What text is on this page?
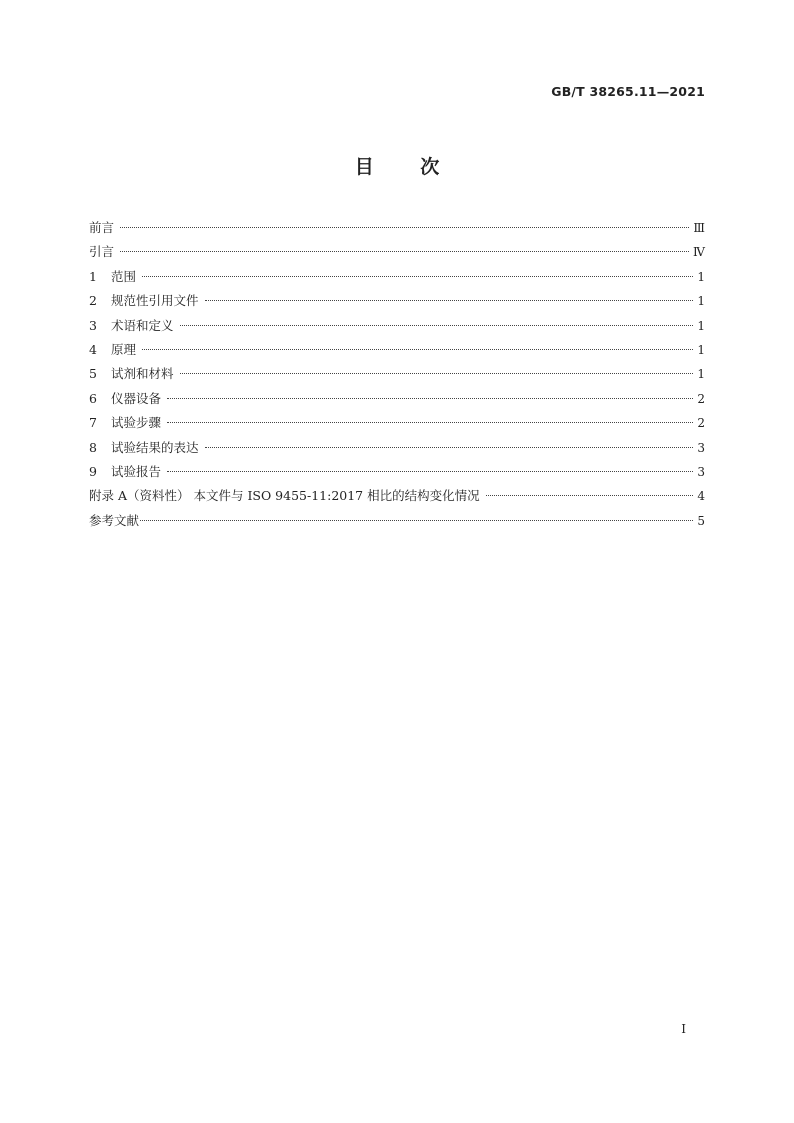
GB/T 38265.11—2021
目 次
前言	Ⅲ
引言	Ⅳ
1	范围	1
2	规范性引用文件	1
3	术语和定义	1
4	原理	1
5	试剂和材料	1
6	仪器设备	2
7	试验步骤	2
8	试验结果的表达	3
9	试验报告	3
附录 A（资料性） 本文件与 ISO 9455-11:2017 相比的结构变化情况	4
参考文献	5
I
